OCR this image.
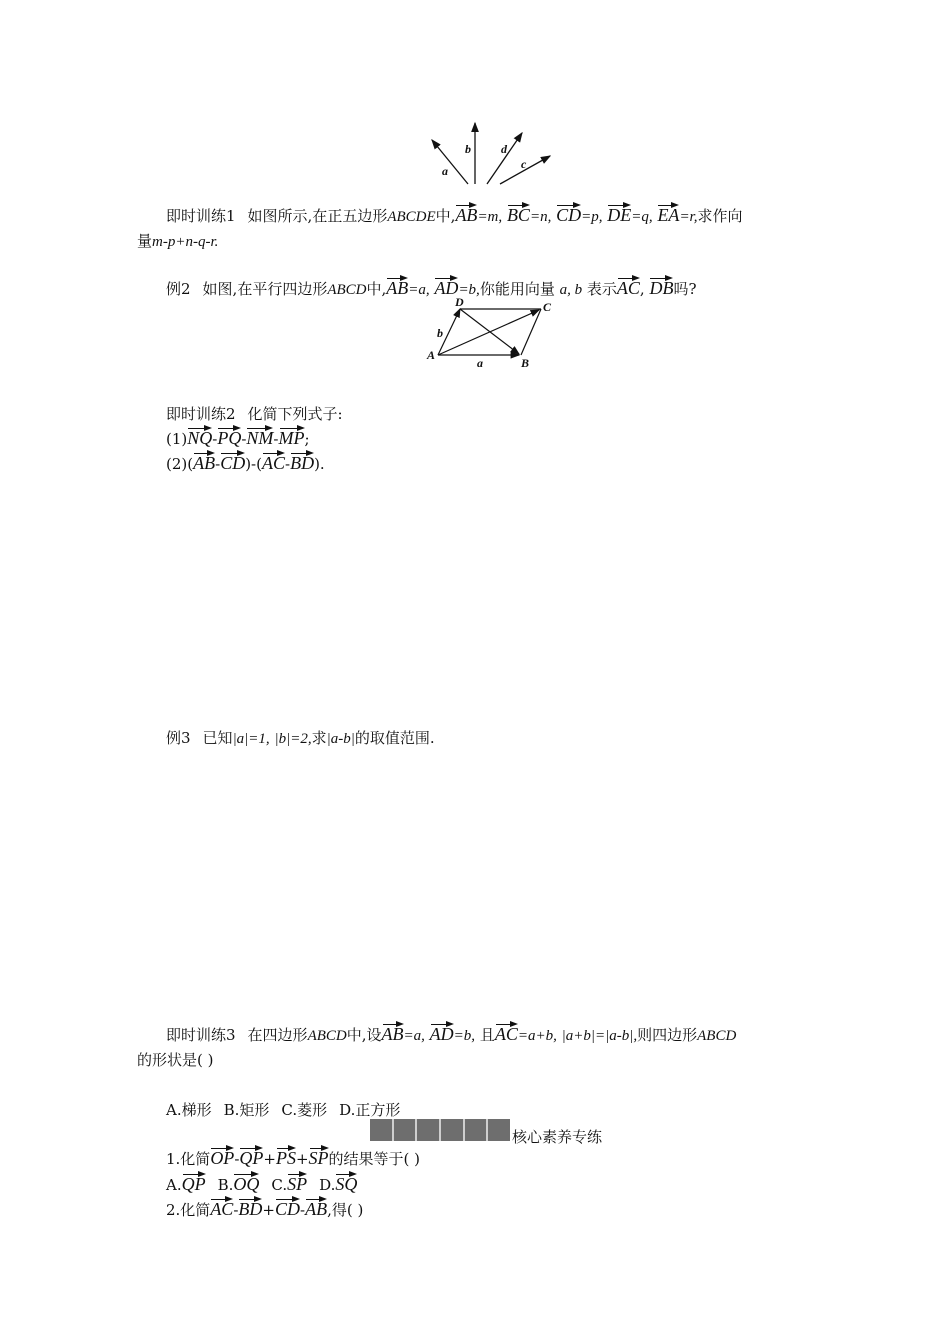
a
b	d
c
即时训练1 如图所示,在正五边形ABCDE中,AB=m, BC=n, CD=p, DE=q, EA=r,求作向
量m-p+n-q-r.
例2 如图,在平行四边形ABCD中,AB=a, AD=b,你能用向量 a, b 表示AC, DB吗?
D	C
A
B
a
b
即时训练2 化简下列式子:
(1)NQ-PQ-NM-MP;
(2)(AB-CD)-(AC-BD).
例3 已知|a|=1, |b|=2,求|a-b|的取值范围.
即时训练3 在四边形ABCD中,设AB=a, AD=b, 且AC=a+b, |a+b|=|a-b|,则四边形ABCD
的形状是( )
A.梯形 B.矩形 C.菱形 D.正方形
核心素养专练
1.化简OP-QP+PS+SP的结果等于( )
A.QP B.OQ C.SP D.SQ
2.化简AC-BD+CD-AB,得( )
